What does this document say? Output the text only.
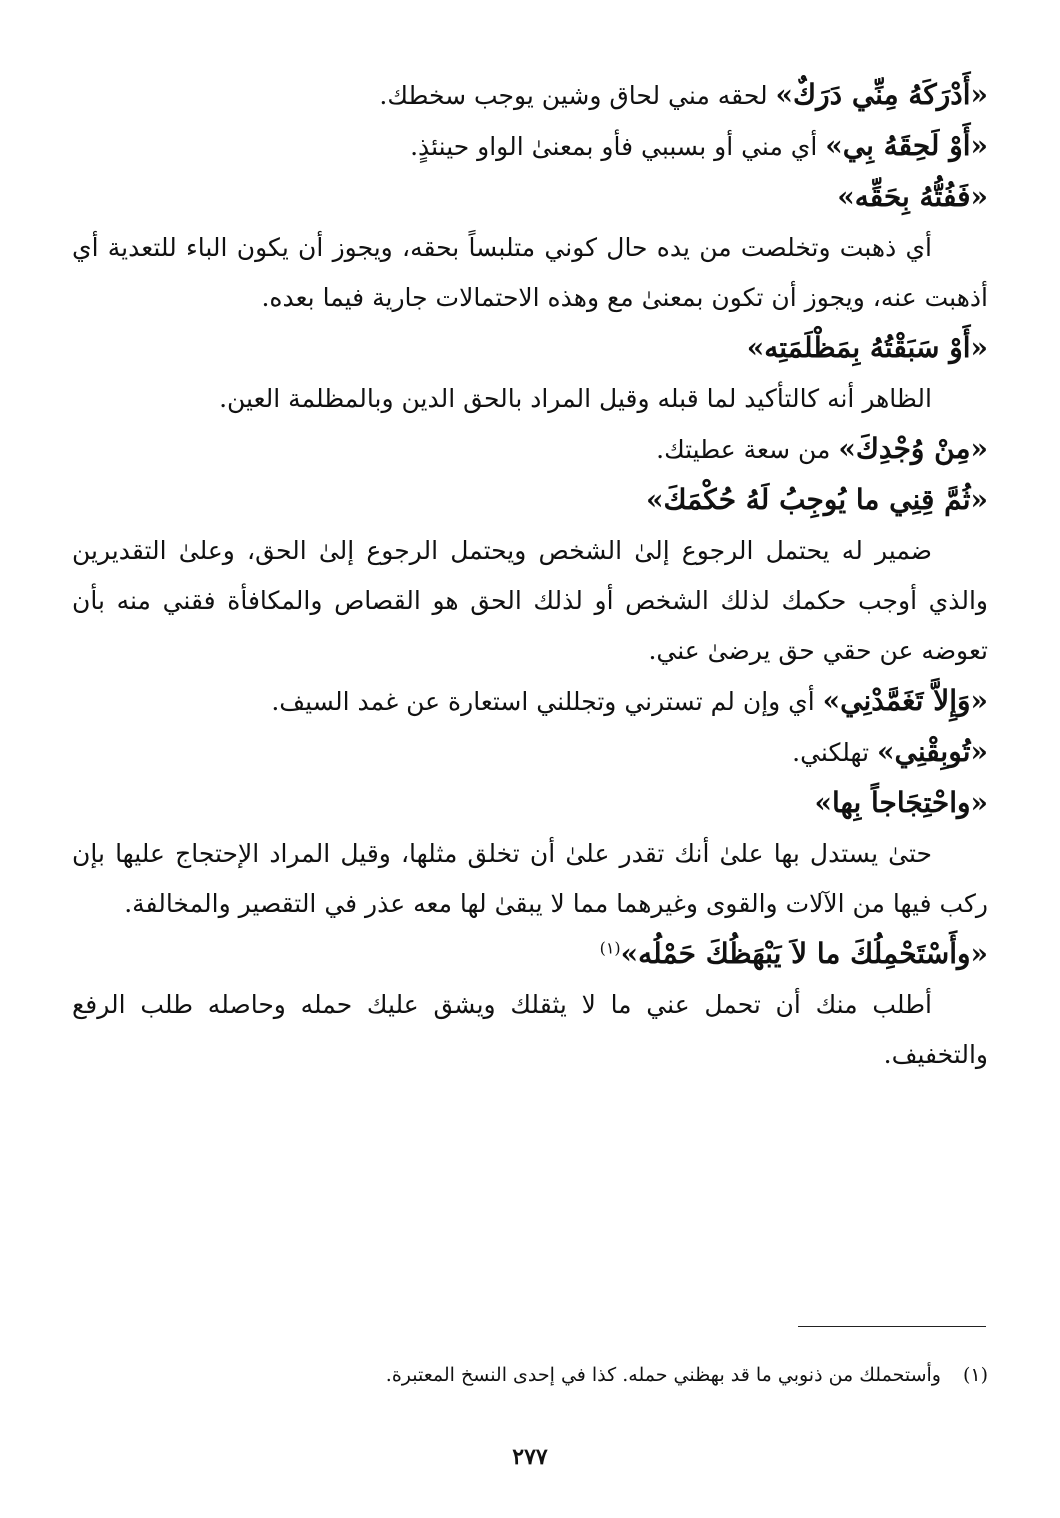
«أَدْرَكَهُ مِنِّي دَرَكٌ» لحقه مني لحاق وشين يوجب سخطك.

«أَوْ لَحِقَهُ بِي» أي مني أو بسببي فأو بمعنىٰ الواو حينئذٍ.

«فَفُتُّهُ بِحَقِّه»

أي ذهبت وتخلصت من يده حال كوني متلبساً بحقه، ويجوز أن يكون الباء للتعدية أي أذهبت عنه، ويجوز أن تكون بمعنىٰ مع وهذه الاحتمالات جارية فيما بعده.

«أَوْ سَبَقْتُهُ بِمَظْلَمَتِه»

الظاهر أنه كالتأكيد لما قبله وقيل المراد بالحق الدين وبالمظلمة العين.

«مِنْ وُجْدِكَ» من سعة عطيتك.

«ثُمَّ قِنِي ما يُوجِبُ لَهُ حُكْمَكَ»

ضمير له يحتمل الرجوع إلىٰ الشخص ويحتمل الرجوع إلىٰ الحق، وعلىٰ التقديرين والذي أوجب حكمك لذلك الشخص أو لذلك الحق هو القصاص والمكافأة فقني منه بأن تعوضه عن حقي حق يرضىٰ عني.

«وَإِلاَّ تَغَمَّدْنِي» أي وإن لم تسترني وتجللني استعارة عن غمد السيف.

«تُوبِقْنِي» تهلكني.

«واحْتِجَاجاً بِها»

حتىٰ يستدل بها علىٰ أنك تقدر علىٰ أن تخلق مثلها، وقيل المراد الإحتجاج عليها بإن ركب فيها من الآلات والقوى وغيرهما مما لا يبقىٰ لها معه عذر في التقصير والمخالفة.

«وأَسْتَحْمِلُكَ ما لاَ يَبْهَظُكَ حَمْلُه»$^{(١)}$

أطلب منك أن تحمل عني ما لا يثقلك ويشق عليك حمله وحاصله طلب الرفع والتخفيف.

(١)وأستحملك من ذنوبي ما قد بهظني حمله. كذا في إحدى النسخ المعتبرة.
٢٧٧
